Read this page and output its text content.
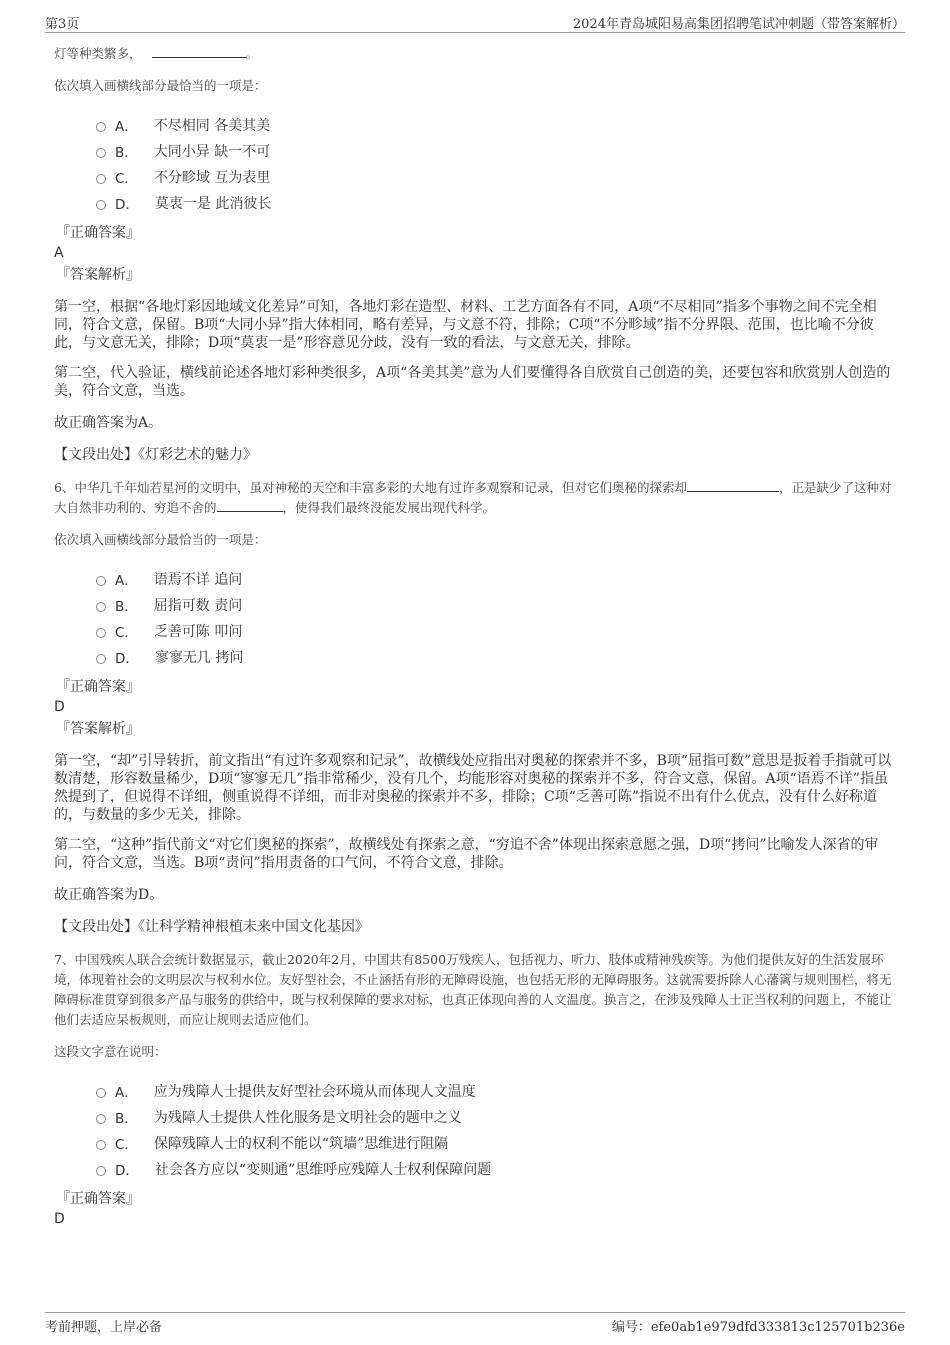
第3页	2024年青岛城阳易高集团招聘笔试冲刺题（带答案解析）
灯等种类繁多，	。
依次填入画横线部分最恰当的一项是：
A． 不尽相同 各美其美
B． 大同小异 缺一不可
C． 不分畛域 互为表里
D． 莫衷一是 此消彼长

『正确答案』

A

『答案解析』

第一空，根据“各地灯彩因地域文化差异”可知，各地灯彩在造型、材料、工艺方面各有不同，A项“不尽相同”指多个事物之间不完全相同，符合文意，保留。B项“大同小异”指大体相同，略有差异，与文意不符，排除；C项“不分畛域”指不分界限、范围，也比喻不分彼此，与文意无关，排除；D项“莫衷一是”形容意见分歧，没有一致的看法，与文意无关，排除。

第二空，代入验证，横线前论述各地灯彩种类很多，A项“各美其美”意为人们要懂得各自欣赏自己创造的美，还要包容和欣赏别人创造的美，符合文意，当选。

故正确答案为A。

【文段出处】《灯彩艺术的魅力》

6、中华几千年灿若星河的文明中，虽对神秘的天空和丰富多彩的大地有过许多观察和记录，但对它们奥秘的探索却	，正是缺少了这种对大自然非功利的、穷追不舍的	，使得我们最终没能发展出现代科学。
依次填入画横线部分最恰当的一项是：
A． 语焉不详 追问
B． 屈指可数 责问
C． 乏善可陈 叩问
D． 寥寥无几 拷问

『正确答案』

D

『答案解析』

第一空，“却”引导转折，前文指出“有过许多观察和记录”，故横线处应指出对奥秘的探索并不多，B项“屈指可数”意思是扳着手指就可以数清楚，形容数量稀少，D项“寥寥无几”指非常稀少，没有几个，均能形容对奥秘的探索并不多，符合文意，保留。A项“语焉不详”指虽然提到了，但说得不详细，侧重说得不详细，而非对奥秘的探索并不多，排除；C项“乏善可陈”指说不出有什么优点，没有什么好称道的，与数量的多少无关，排除。

第二空，“这种”指代前文“对它们奥秘的探索”，故横线处有探索之意，“穷追不舍”体现出探索意愿之强，D项“拷问”比喻发人深省的审问，符合文意，当选。B项“责问”指用责备的口气问，不符合文意，排除。

故正确答案为D。

【文段出处】《让科学精神根植未来中国文化基因》

7、中国残疾人联合会统计数据显示，截止2020年2月，中国共有8500万残疾人，包括视力、听力、肢体或精神残疾等。为他们提供友好的生活发展环境，体现着社会的文明层次与权利水位。友好型社会，不止涵括有形的无障碍设施，也包括无形的无障碍服务。这就需要拆除人心藩篱与规则围栏，将无障碍标准贯穿到很多产品与服务的供给中，既与权利保障的要求对标，也真正体现向善的人文温度。换言之，在涉及残障人士正当权利的问题上，不能让他们去适应呆板规则，而应让规则去适应他们。
这段文字意在说明：
A． 应为残障人士提供友好型社会环境从而体现人文温度
B． 为残障人士提供人性化服务是文明社会的题中之义
C． 保障残障人士的权利不能以“筑墙”思维进行阻隔
D． 社会各方应以“变则通”思维呼应残障人士权利保障问题

『正确答案』

D

考前押题，上岸必备	编号：efe0ab1e979dfd333813c125701b236e
